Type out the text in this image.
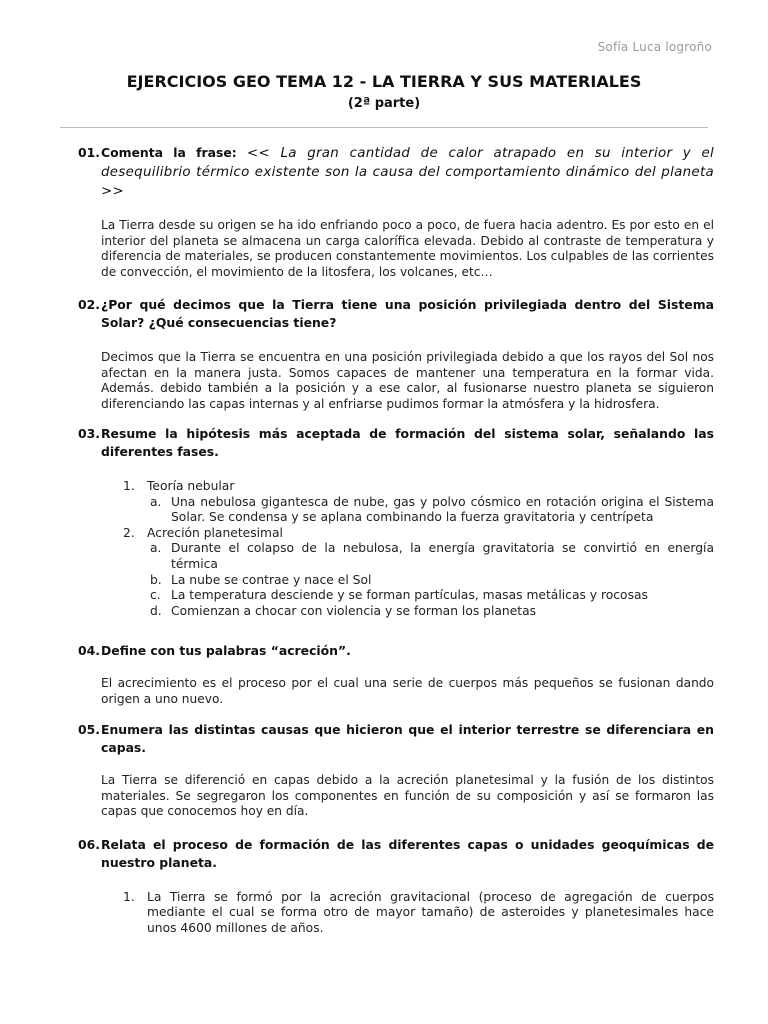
Sofía Luca logroño
EJERCICIOS GEO TEMA 12 - LA TIERRA Y SUS MATERIALES
(2ª parte)
01. Comenta la frase: << La gran cantidad de calor atrapado en su interior y el desequilibrio térmico existente son la causa del comportamiento dinámico del planeta >>
La Tierra desde su origen se ha ido enfriando poco a poco, de fuera hacia adentro. Es por esto en el interior del planeta se almacena un carga calorífica elevada. Debido al contraste de temperatura y diferencia de materiales, se producen constantemente movimientos. Los culpables de las corrientes de convección, el movimiento de la litosfera, los volcanes, etc…
02. ¿Por qué decimos que la Tierra tiene una posición privilegiada dentro del Sistema Solar? ¿Qué consecuencias tiene?
Decimos que la Tierra se encuentra en una posición privilegiada debido a que los rayos del Sol nos afectan en la manera justa. Somos capaces de mantener una temperatura en la formar vida. Además. debido también a la posición y a ese calor, al fusionarse nuestro planeta se siguieron diferenciando las capas internas y al enfriarse pudimos formar la atmósfera y la hidrosfera.
03. Resume la hipótesis más aceptada de formación del sistema solar, señalando las diferentes fases.
1. Teoría nebular
a. Una nebulosa gigantesca de nube, gas y polvo cósmico en rotación origina el Sistema Solar. Se condensa y se aplana combinando la fuerza gravitatoria y centrípeta
2. Acreción planetesimal
a. Durante el colapso de la nebulosa, la energía gravitatoria se convirtió en energía térmica
b. La nube se contrae y nace el Sol
c. La temperatura desciende y se forman partículas, masas metálicas y rocosas
d. Comienzan a chocar con violencia y se forman los planetas
04. Define con tus palabras “acreción”.
El acrecimiento es el proceso por el cual una serie de cuerpos más pequeños se fusionan dando origen a uno nuevo.
05. Enumera las distintas causas que hicieron que el interior terrestre se diferenciara en capas.
La Tierra se diferenció en capas debido a la acreción planetesimal y la fusión de los distintos materiales. Se segregaron los componentes en función de su composición y así se formaron las capas que conocemos hoy en día.
06. Relata el proceso de formación de las diferentes capas o unidades geoquímicas de nuestro planeta.
1. La Tierra se formó por la acreción gravitacional (proceso de agregación de cuerpos mediante el cual se forma otro de mayor tamaño) de asteroides y planetesimales hace unos 4600 millones de años.
